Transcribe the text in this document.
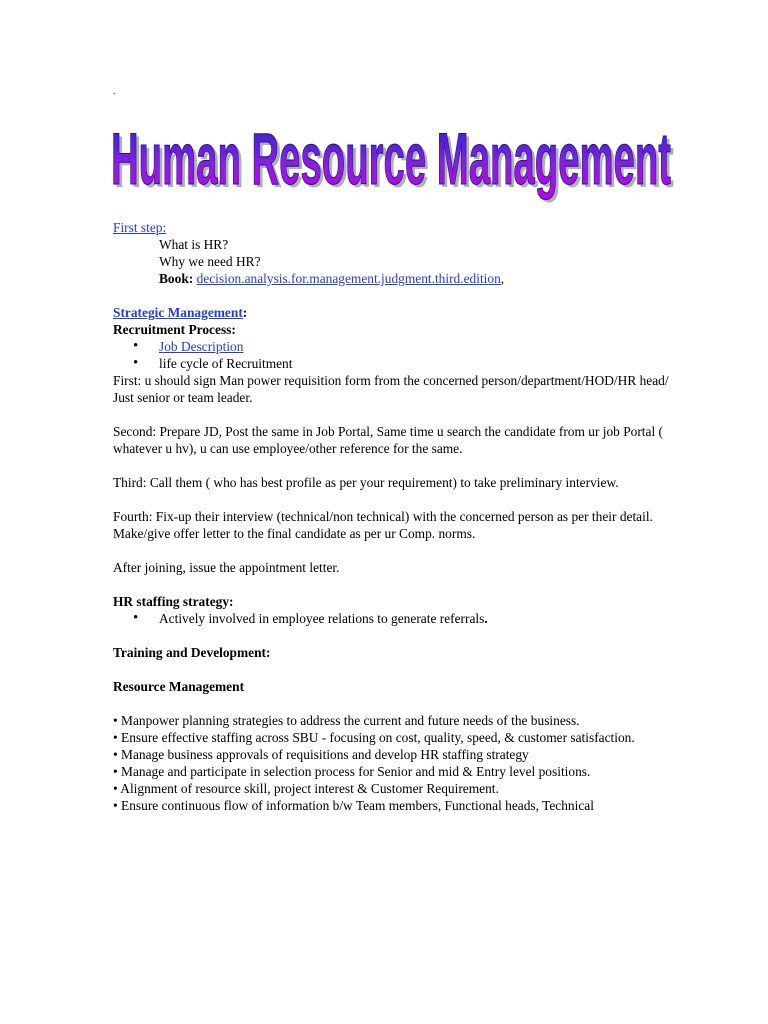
.
Human Resource Management
Human Resource Management

First step:

What is HR?

Why we need HR?

Book: decision.analysis.for.management.judgment.third.edition,

Strategic Management:

Recruitment Process:

• Job Description
• life cycle of Recruitment

First: u should sign Man power requisition form from the concerned person/department/HOD/HR head/ Just senior or team leader.

Second: Prepare JD, Post the same in Job Portal, Same time u search the candidate from ur job Portal ( whatever u hv), u can use employee/other reference for the same.

Third: Call them ( who has best profile as per your requirement) to take preliminary interview.

Fourth: Fix-up their interview (technical/non technical) with the concerned person as per their detail.

Make/give offer letter to the final candidate as per ur Comp. norms.

After joining, issue the appointment letter.

HR staffing strategy:

• Actively involved in employee relations to generate referrals.

Training and Development:

Resource Management

• Manpower planning strategies to address the current and future needs of the business.

• Ensure effective staffing across SBU - focusing on cost, quality, speed, & customer satisfaction.

• Manage business approvals of requisitions and develop HR staffing strategy

• Manage and participate in selection process for Senior and mid & Entry level positions.

• Alignment of resource skill, project interest & Customer Requirement.

• Ensure continuous flow of information b/w Team members, Functional heads, Technical
